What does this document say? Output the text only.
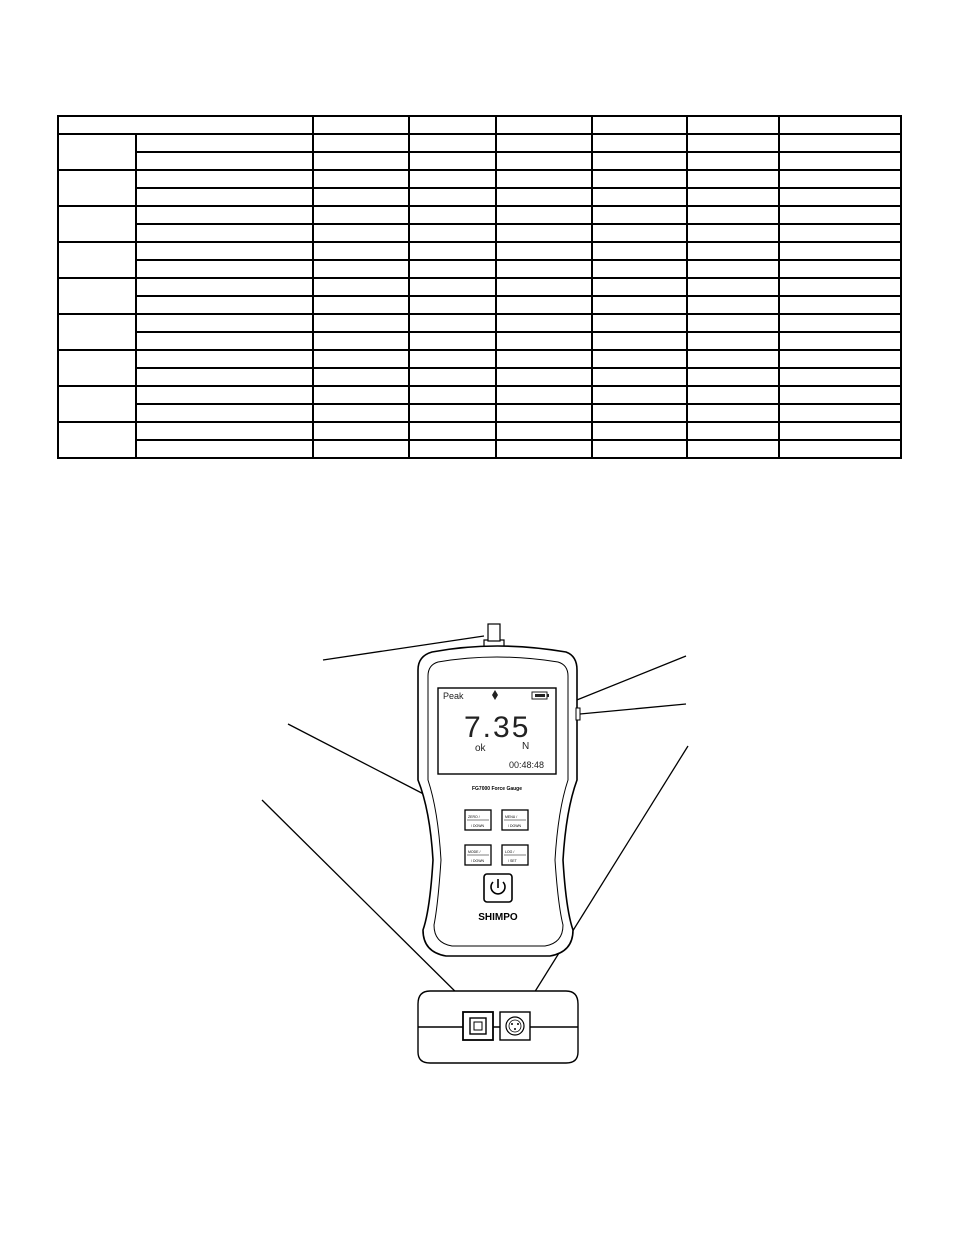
Peak
7.35
ok	N
00:48:48
FG7000 Force Gauge
ZERO /
/ DOWN
MENU /
/ DOWN
MODE /
/ DOWN
LOG /
/ SET
SHIMPO
